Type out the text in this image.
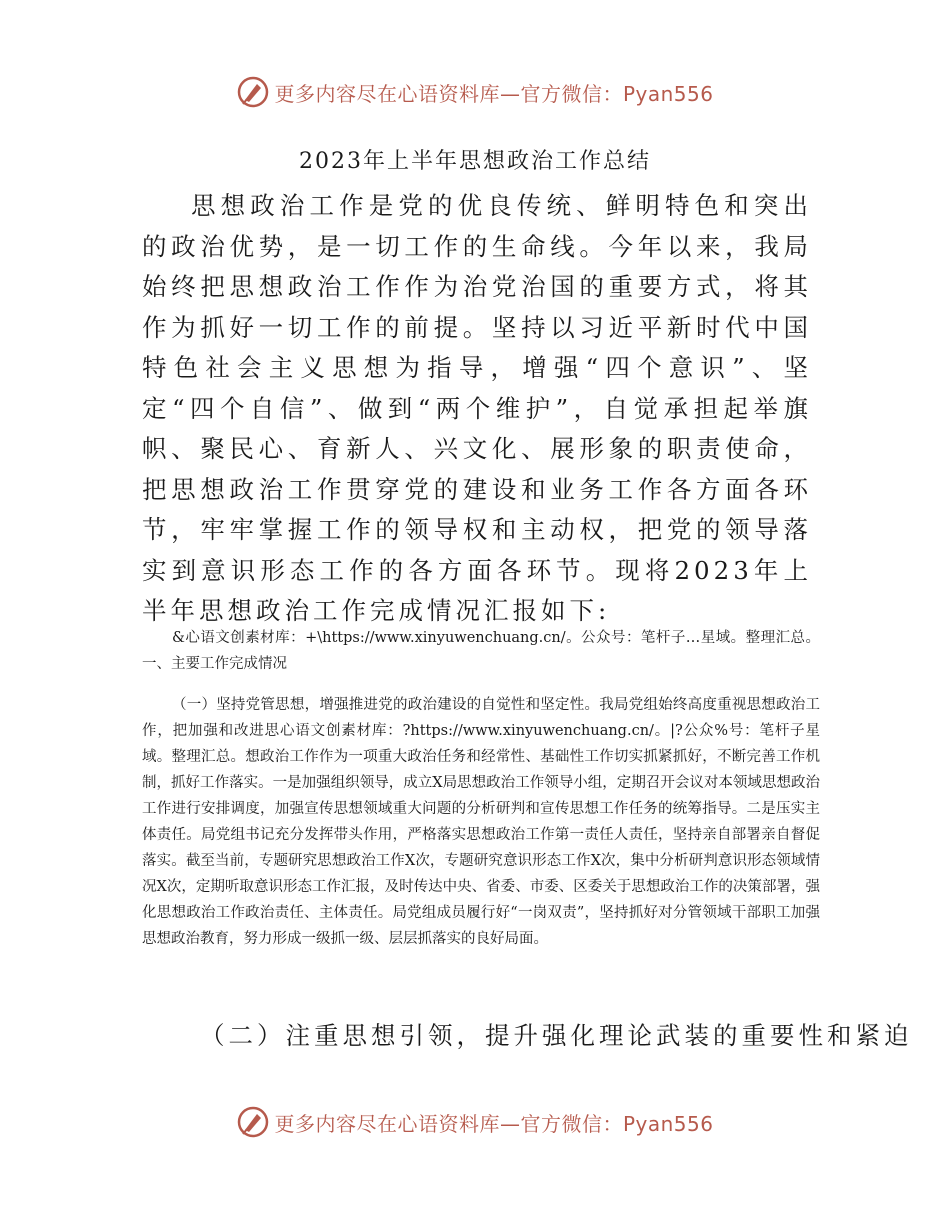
更多内容尽在心语资料库—官方微信：Pyan556
2023年上半年思想政治工作总结

思想政治工作是党的优良传统、鲜明特色和突出的政治优势，是一切工作的生命线。今年以来，我局始终把思想政治工作作为治党治国的重要方式，将其作为抓好一切工作的前提。坚持以习近平新时代中国特色社会主义思想为指导，增强“四个意识”、坚定“四个自信”、做到“两个维护”，自觉承担起举旗帜、聚民心、育新人、兴文化、展形象的职责使命，把思想政治工作贯穿党的建设和业务工作各方面各环节，牢牢掌握工作的领导权和主动权，把党的领导落实到意识形态工作的各方面各环节。现将2023年上半年思想政治工作完成情况汇报如下:

&心语文创素材库：+\https://www.xinyuwenchuang.cn/。公众号：笔杆子…星域。整理汇总。一、主要工作完成情况

（一）坚持党管思想，增强推进党的政治建设的自觉性和坚定性。我局党组始终高度重视思想政治工作，把加强和改进思心语文创素材库：?https://www.xinyuwenchuang.cn/。|?公众%号：笔杆子星域。整理汇总。想政治工作作为一项重大政治任务和经常性、基础性工作切实抓紧抓好，不断完善工作机制，抓好工作落实。一是加强组织领导，成立X局思想政治工作领导小组，定期召开会议对本领域思想政治工作进行安排调度，加强宣传思想领域重大问题的分析研判和宣传思想工作任务的统筹指导。二是压实主体责任。局党组书记充分发挥带头作用，严格落实思想政治工作第一责任人责任，坚持亲自部署亲自督促落实。截至当前，专题研究思想政治工作X次，专题研究意识形态工作X次，集中分析研判意识形态领域情况X次，定期听取意识形态工作汇报，及时传达中央、省委、市委、区委关于思想政治工作的决策部署，强化思想政治工作政治责任、主体责任。局党组成员履行好“一岗双责”，坚持抓好对分管领域干部职工加强思想政治教育，努力形成一级抓一级、层层抓落实的良好局面。

（二）注重思想引领，提升强化理论武装的重要性和紧迫

更多内容尽在心语资料库—官方微信：Pyan556
